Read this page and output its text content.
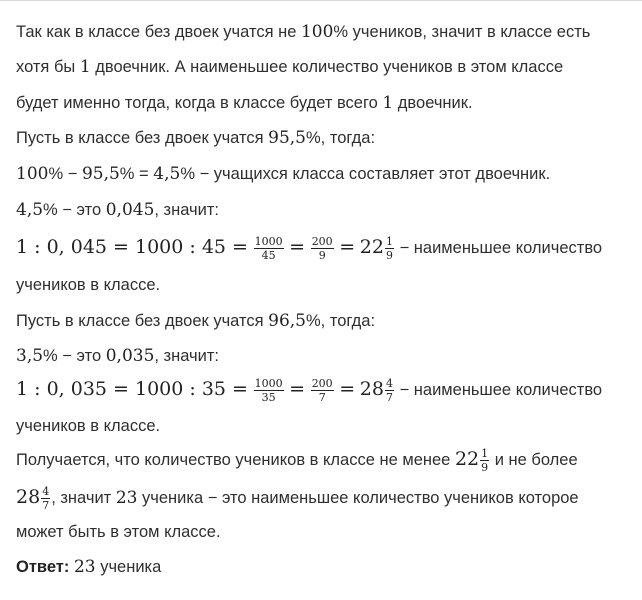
Так как в классе без двоек учатся не 100% учеников, значит в классе есть
хотя бы 1 двоечник. А наименьшее количество учеников в этом классе
будет именно тогда, когда в классе будет всего 1 двоечник.
Пусть в классе без двоек учатся 95,5%, тогда:
100% − 95,5% = 4,5% − учащихся класса составляет этот двоечник.
4,5% − это 0,045, значит:
1 : 0, 045 = 1000 : $45 = \frac{1000}{45} = \frac{200}{9} = 22 \frac{1}{9}$ − наименьшее количество
учеников в классе.
Пусть в классе без двоек учатся 96,5%, тогда:
3,5% − это 0,035, значит:
1 : 0, 035 = 1000 : $35 = \frac{1000}{35} = \frac{200}{7} = 28 \frac{4}{7}$ − наименьшее количество
учеников в классе.
Получается, что количество учеников в классе не менее $22 \frac{1}{9}$ и не более
$28 \frac{4}{7}$ , значит 23 ученика − это наименьшее количество учеников которое
может быть в этом классе.
Ответ: 23 ученика
